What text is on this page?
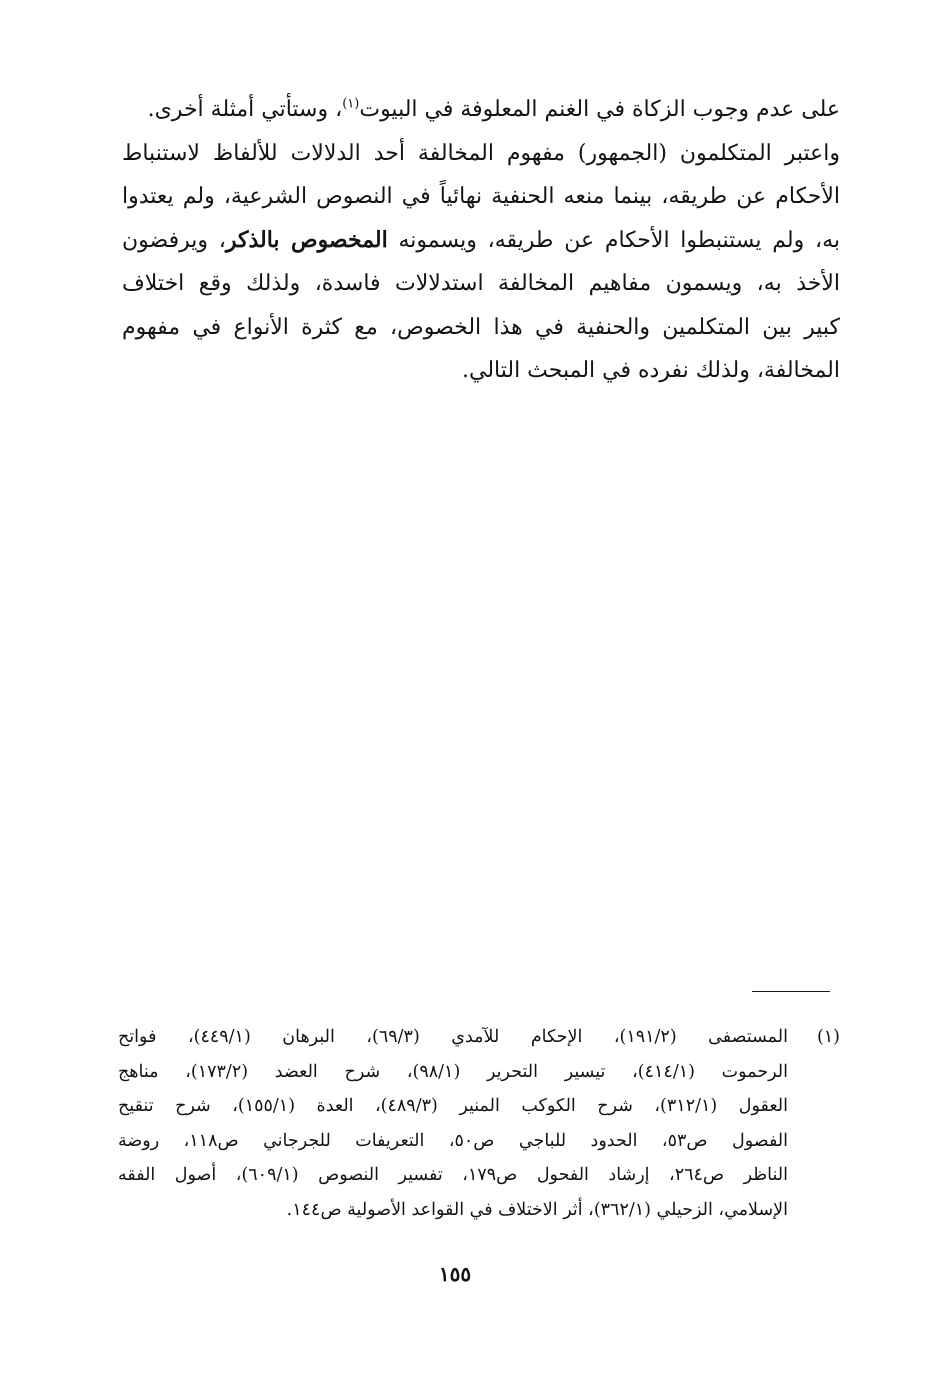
على عدم وجوب الزكاة في الغنم المعلوفة في البيوت$^{(١)}$، وستأتي أمثلة أخرى.
واعتبر المتكلمون (الجمهور) مفهوم المخالفة أحد الدلالات للألفاظ لاستنباط
الأحكام عن طريقه، بينما منعه الحنفية نهائياً في النصوص الشرعية، ولم يعتدوا
به، ولم يستنبطوا الأحكام عن طريقه، ويسمونه المخصوص بالذكر، ويرفضون
الأخذ به، ويسمون مفاهيم المخالفة استدلالات فاسدة، ولذلك وقع اختلاف
كبير بين المتكلمين والحنفية في هذا الخصوص، مع كثرة الأنواع في مفهوم
المخالفة، ولذلك نفرده في المبحث التالي.
(١)
المستصفى (١٩١/٢)، الإحكام للآمدي (٦٩/٣)، البرهان (٤٤٩/١)، فواتح
الرحموت (٤١٤/١)، تيسير التحرير (٩٨/١)، شرح العضد (١٧٣/٢)، مناهج
العقول (٣١٢/١)، شرح الكوكب المنير (٤٨٩/٣)، العدة (١٥٥/١)، شرح تنقيح
الفصول ص٥٣، الحدود للباجي ص٥٠، التعريفات للجرجاني ص١١٨، روضة
الناظر ص٢٦٤، إرشاد الفحول ص١٧٩، تفسير النصوص (٦٠٩/١)، أصول الفقه
الإسلامي، الزحيلي (٣٦٢/١)، أثر الاختلاف في القواعد الأصولية ص١٤٤.
١٥٥
